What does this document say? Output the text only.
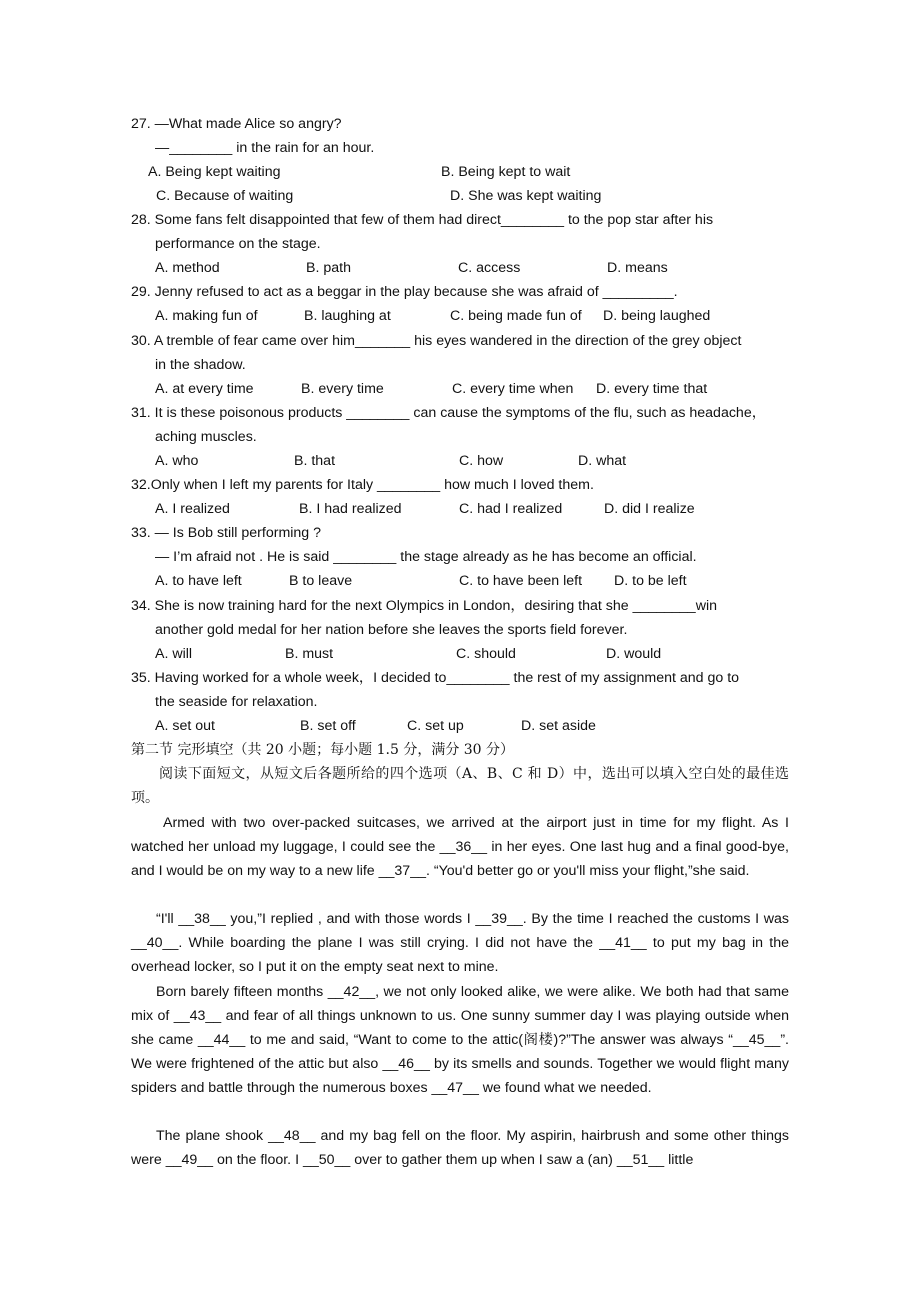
27. —What made Alice so angry?
—________ in the rain for an hour.
A. Being kept waiting	B. Being kept to wait
C. Because of waiting	D. She was kept waiting
28. Some fans felt disappointed that few of them had direct________ to the pop star after his
performance on the stage.
A. method	B. path	C. access	D. means
29. Jenny refused to act as a beggar in the play because she was afraid of _________.
A. making fun of	B. laughing at	C. being made fun of D. being laughed
30. A tremble of fear came over him_______ his eyes wandered in the direction of the grey object
in the shadow.
A. at every time	B. every time	C. every time when D. every time that
31. It is these poisonous products ________ can cause the symptoms of the flu, such as headache，
aching muscles.
A. who	B. that	C. how	D. what
32.Only when I left my parents for Italy ________ how much I loved them.
A. I realized	B. I had realized	C. had I realized	D. did I realize
33. — Is Bob still performing ?
— I’m afraid not . He is said ________ the stage already as he has become an official.
A. to have left	B to leave	C. to have been left D. to be left
34. She is now training hard for the next Olympics in London，desiring that she ________win
another gold medal for her nation before she leaves the sports field forever.
A. will	B. must	C. should	D. would
35. Having worked for a whole week，I decided to________ the rest of my assignment and go to
the seaside for relaxation.
A. set out	B. set off	C. set up	D. set aside
第二节 完形填空（共 20 小题；每小题 1.5 分，满分 30 分）
阅读下面短文，从短文后各题所给的四个选项（A、B、C 和 D）中，选出可以填入空白处的最佳选项。
Armed with two over-packed suitcases, we arrived at the airport just in time for my flight. As I watched her unload my luggage, I could see the __36__ in her eyes. One last hug and a final good-bye, and I would be on my way to a new life __37__. “You'd better go or you'll miss your flight,”she said.
“I'll __38__ you,”I replied , and with those words I __39__. By the time I reached the customs I was __40__. While boarding the plane I was still crying. I did not have the __41__ to put my bag in the overhead locker, so I put it on the empty seat next to mine.
Born barely fifteen months __42__, we not only looked alike, we were alike. We both had that same mix of __43__ and fear of all things unknown to us. One sunny summer day I was playing outside when she came __44__ to me and said, “Want to come to the attic(阁楼)?”The answer was always “__45__”. We were frightened of the attic but also __46__ by its smells and sounds. Together we would flight many spiders and battle through the numerous boxes __47__ we found what we needed.
The plane shook __48__ and my bag fell on the floor. My aspirin, hairbrush and some other things were __49__ on the floor. I __50__ over to gather them up when I saw a (an) __51__ little
